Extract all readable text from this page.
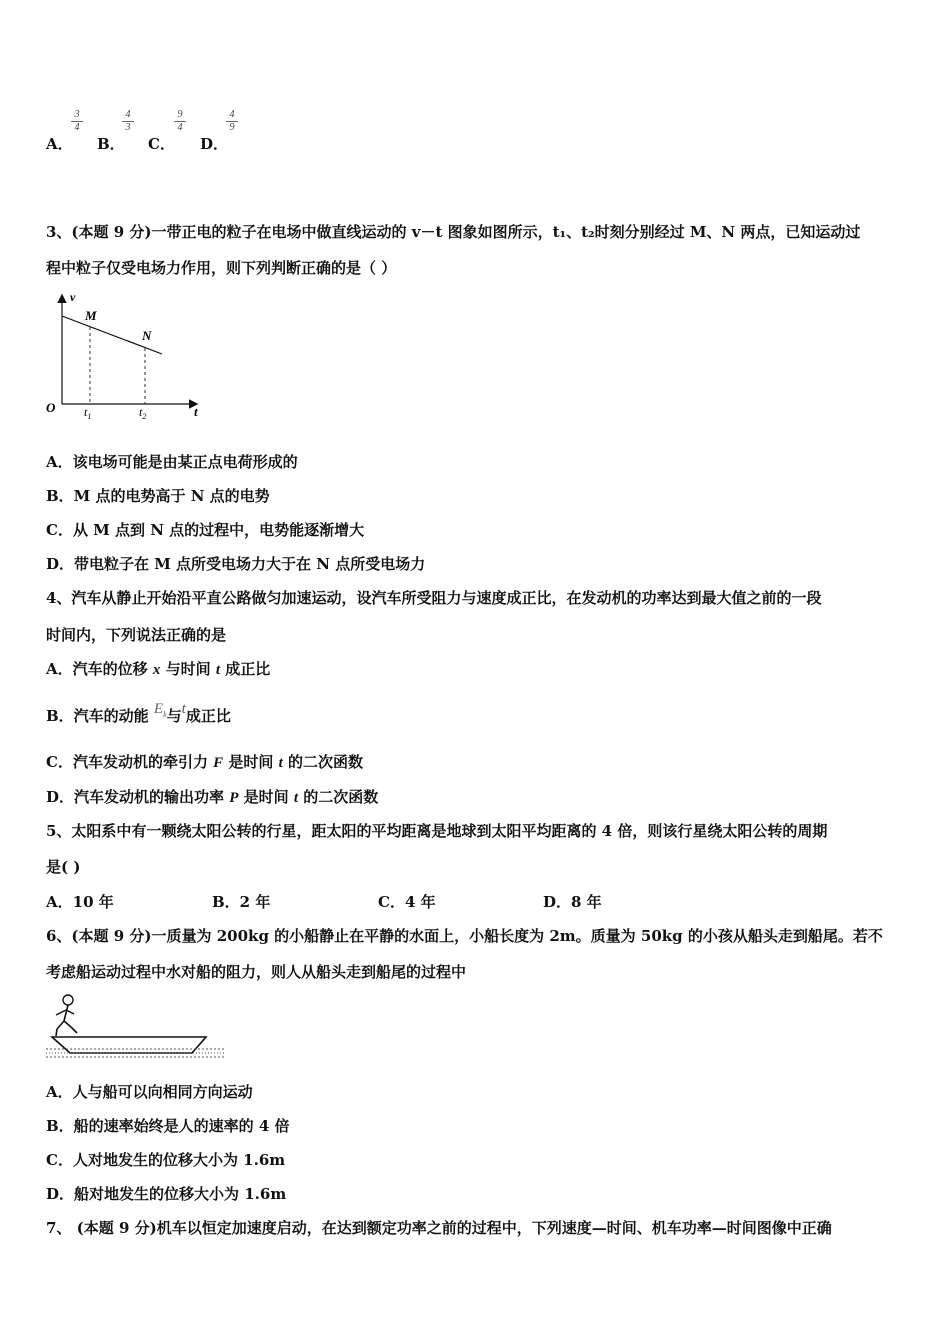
A．
3
4
B．
4
3
C．
9
4
D．
4
9
3、(本题 9 分)一带正电的粒子在电场中做直线运动的 v－t 图象如图所示，t₁、t₂时刻分别经过 M、N 两点，已知运动过
程中粒子仅受电场力作用，则下列判断正确的是（ ）
v
O	t
M
N
$t_1$	$t_2$
A．该电场可能是由某正点电荷形成的
B．M 点的电势高于 N 点的电势
C．从 M 点到 N 点的过程中，电势能逐渐增大
D．带电粒子在 M 点所受电场力大于在 N 点所受电场力
4、汽车从静止开始沿平直公路做匀加速运动，设汽车所受阻力与速度成正比，在发动机的功率达到最大值之前的一段
时间内，下列说法正确的是
A．汽车的位移 x 与时间 t 成正比
B．汽车的动能 $E_k$与t成正比
C．汽车发动机的牵引力 F 是时间 t 的二次函数
D．汽车发动机的输出功率 P 是时间 t 的二次函数
5、太阳系中有一颗绕太阳公转的行星，距太阳的平均距离是地球到太阳平均距离的 4 倍，则该行星绕太阳公转的周期
是( )
A．10 年	B．2 年	C．4 年	D．8 年
6、(本题 9 分)一质量为 200kg 的小船静止在平静的水面上，小船长度为 2m。质量为 50kg 的小孩从船头走到船尾。若不
考虑船运动过程中水对船的阻力，则人从船头走到船尾的过程中
A．人与船可以向相同方向运动
B．船的速率始终是人的速率的 4 倍
C．人对地发生的位移大小为 1.6m
D．船对地发生的位移大小为 1.6m
7、 (本题 9 分)机车以恒定加速度启动，在达到额定功率之前的过程中，下列速度—时间、机车功率—时间图像中正确
